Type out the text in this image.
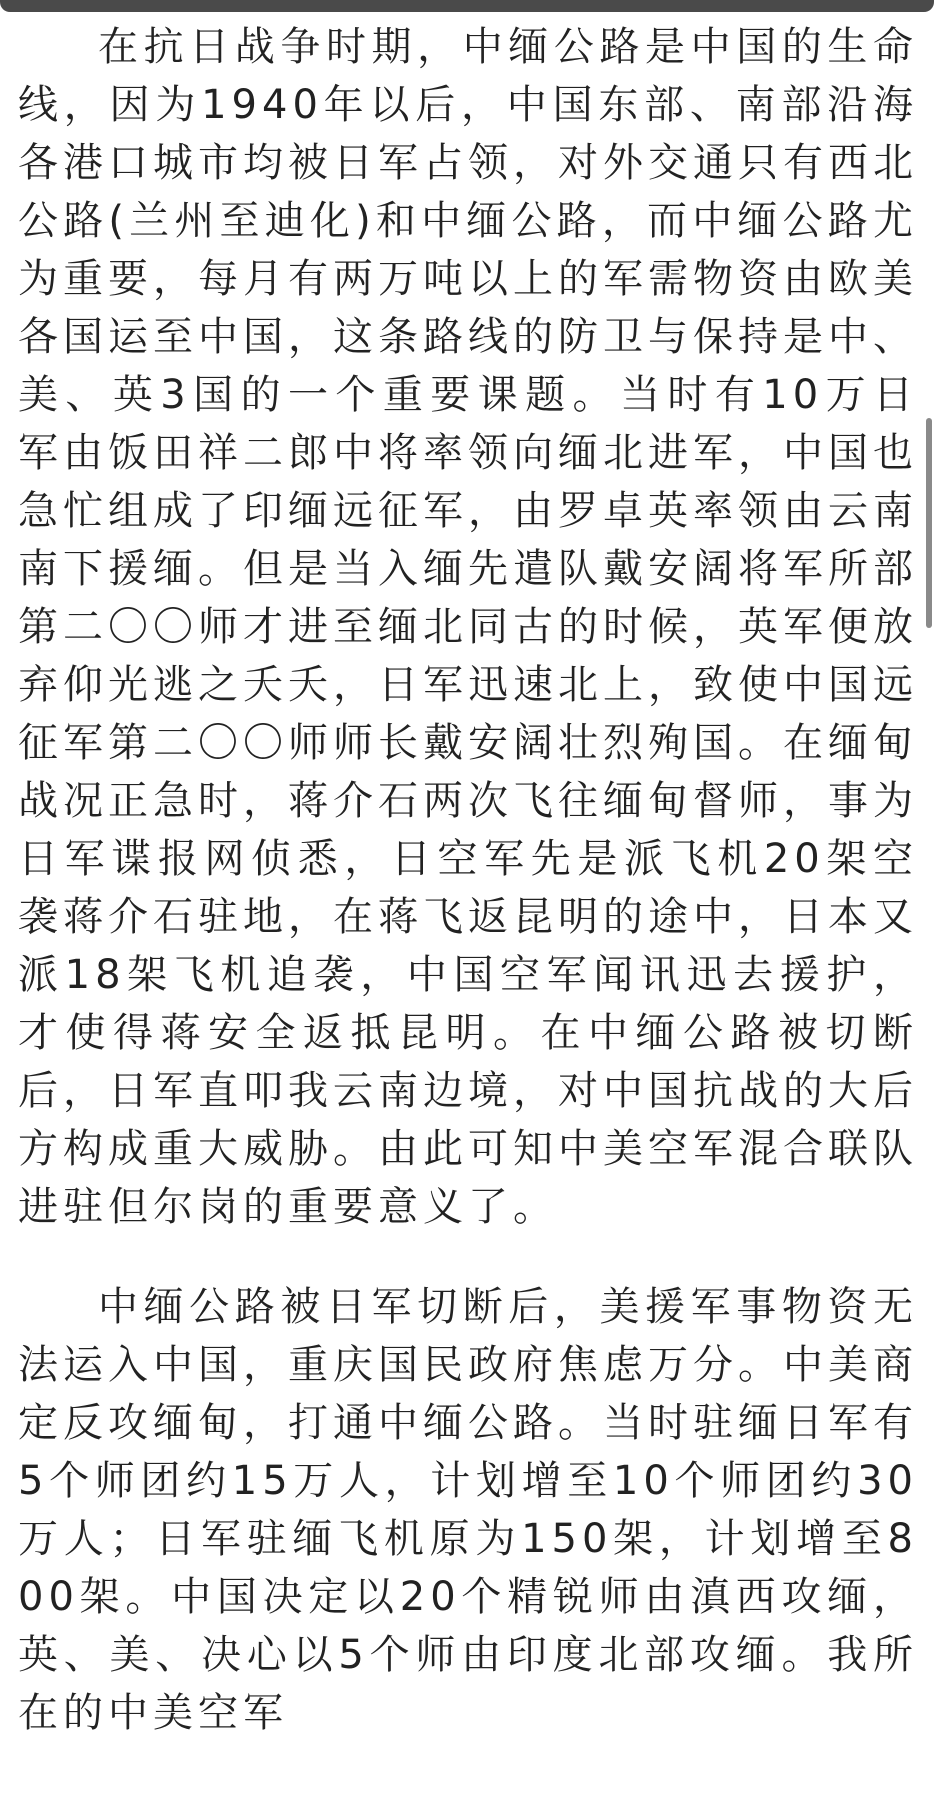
在抗日战争时期，中缅公路是中国的生命线，因为1940年以后，中国东部、南部沿海各港口城市均被日军占领，对外交通只有西北公路(兰州至迪化)和中缅公路，而中缅公路尤为重要，每月有两万吨以上的军需物资由欧美各国运至中国，这条路线的防卫与保持是中、美、英3国的一个重要课题。当时有10万日军由饭田祥二郎中将率领向缅北进军，中国也急忙组成了印缅远征军，由罗卓英率领由云南南下援缅。但是当入缅先遣队戴安阔将军所部第二〇〇师才进至缅北同古的时候，英军便放弃仰光逃之夭夭，日军迅速北上，致使中国远征军第二〇〇师师长戴安阔壮烈殉国。在缅甸战况正急时，蒋介石两次飞往缅甸督师，事为日军谍报网侦悉，日空军先是派飞机20架空袭蒋介石驻地，在蒋飞返昆明的途中，日本又派18架飞机追袭，中国空军闻讯迅去援护，才使得蒋安全返抵昆明。在中缅公路被切断后，日军直叩我云南边境，对中国抗战的大后方构成重大威胁。由此可知中美空军混合联队进驻但尔岗的重要意义了。

中缅公路被日军切断后，美援军事物资无法运入中国，重庆国民政府焦虑万分。中美商定反攻缅甸，打通中缅公路。当时驻缅日军有5个师团约15万人，计划增至10个师团约30万人；日军驻缅飞机原为150架，计划增至800架。中国决定以20个精锐师由滇西攻缅，英、美、决心以5个师由印度北部攻缅。我所在的中美空军
